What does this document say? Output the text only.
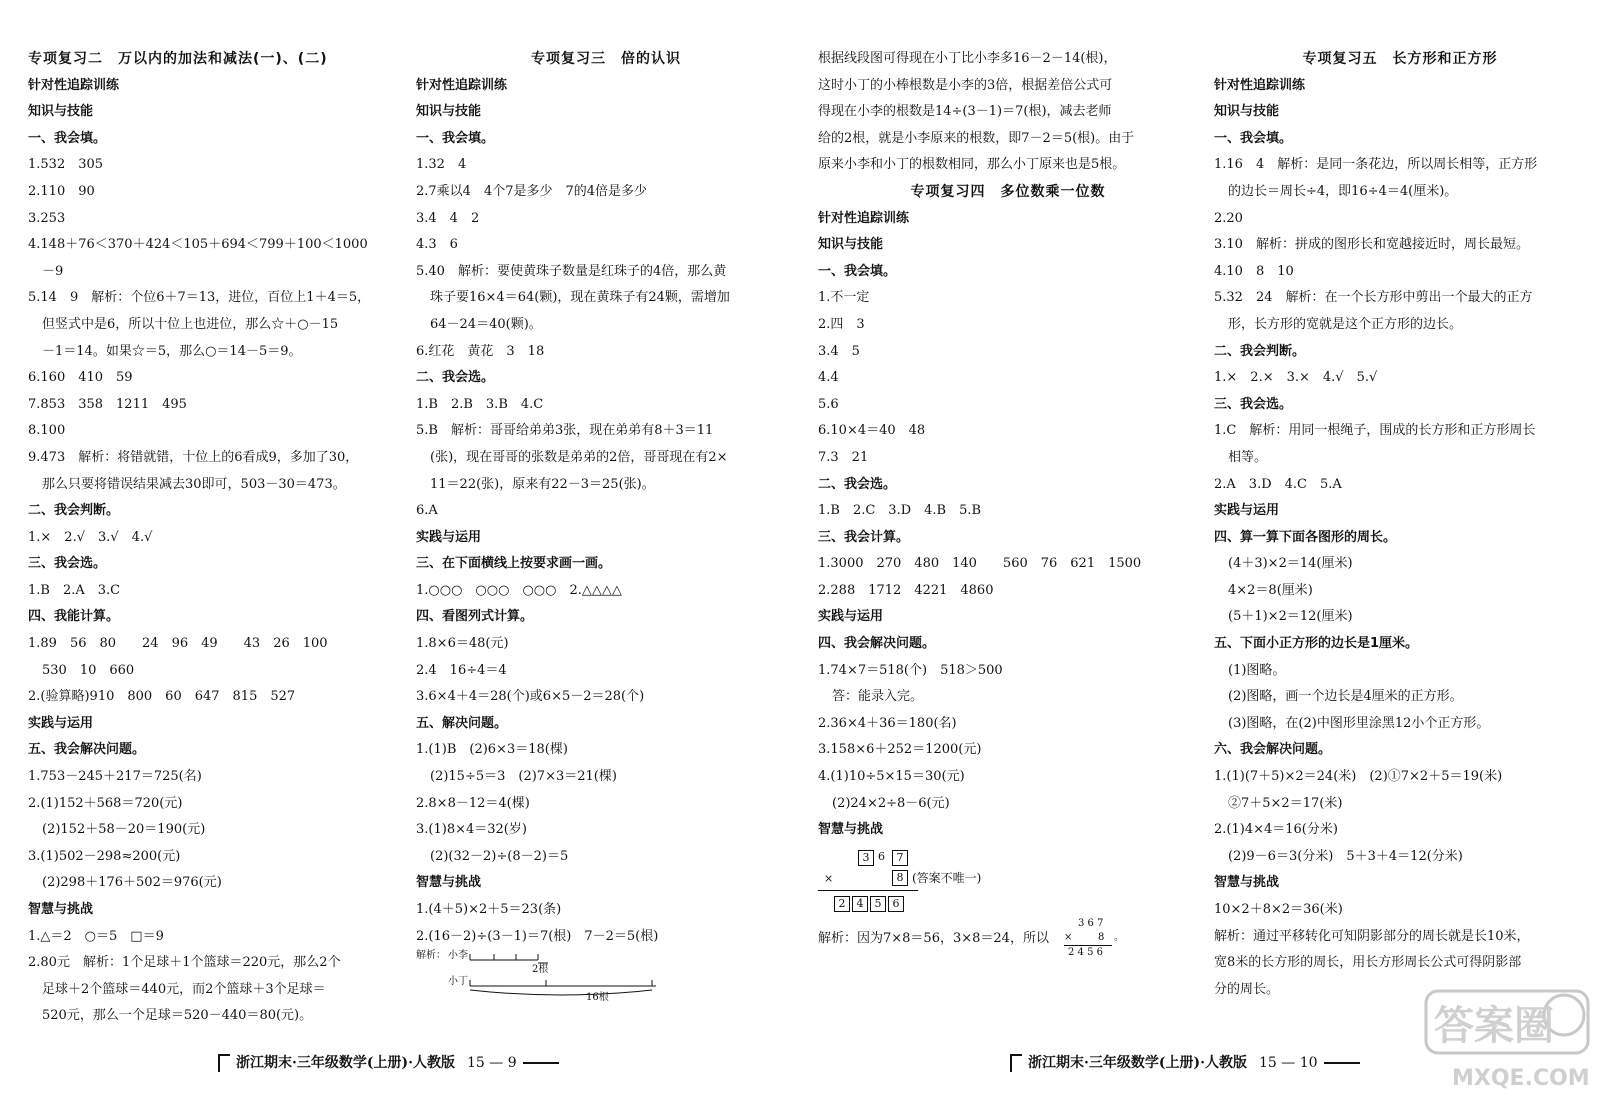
专项复习二　万以内的加法和减法(一)、(二)
针对性追踪训练
知识与技能
一、我会填。
1.532　305
2.110　90
3.253
4.148＋76＜370＋424＜105＋694＜799＋100＜1000
－9
5.14　9　解析：个位6＋7＝13，进位，百位上1＋4＝5，
但竖式中是6，所以十位上也进位，那么☆＋○－15
－1＝14。如果☆＝5，那么○＝14－5＝9。
6.160　410　59
7.853　358　1211　495
8.100
9.473　解析：将错就错，十位上的6看成9，多加了30，
那么只要将错误结果减去30即可，503－30＝473。
二、我会判断。
1.×　2.√　3.√　4.√
三、我会选。
1.B　2.A　3.C
四、我能计算。
1.89　56　80　　24　96　49　　43　26　100
530　10　660
2.(验算略)910　800　60　647　815　527
实践与运用
五、我会解决问题。
1.753－245＋217＝725(名)
2.(1)152＋568＝720(元)
(2)152＋58－20＝190(元)
3.(1)502－298≈200(元)
(2)298＋176＋502＝976(元)
智慧与挑战
1.△＝2　○＝5　□＝9
2.80元　解析：1个足球＋1个篮球＝220元，那么2个
足球＋2个篮球＝440元，而2个篮球＋3个足球＝
520元，那么一个足球＝520－440＝80(元)。
专项复习三　倍的认识
针对性追踪训练
知识与技能
一、我会填。
1.32　4
2.7乘以4　4个7是多少　7的4倍是多少
3.4　4　2
4.3　6
5.40　解析：要使黄珠子数量是红珠子的4倍，那么黄
珠子要16×4＝64(颗)，现在黄珠子有24颗，需增加
64－24＝40(颗)。
6.红花　黄花　3　18
二、我会选。
1.B　2.B　3.B　4.C
5.B　解析：哥哥给弟弟3张，现在弟弟有8＋3＝11
(张)，现在哥哥的张数是弟弟的2倍，哥哥现在有2×
11＝22(张)，原来有22－3＝25(张)。
6.A
实践与运用
三、在下面横线上按要求画一画。
1.○○○　○○○　○○○　2.△△△△
四、看图列式计算。
1.8×6＝48(元)
2.4　16÷4＝4
3.6×4＋4＝28(个)或6×5－2＝28(个)
五、解决问题。
1.(1)B　(2)6×3＝18(棵)
(2)15÷5＝3　(2)7×3＝21(棵)
2.8×8－12＝4(棵)
3.(1)8×4＝32(岁)
(2)(32－2)÷(8－2)＝5
智慧与挑战
1.(4＋5)×2＋5＝23(条)
2.(16－2)÷(3－1)＝7(根)　7－2＝5(根)
解析： 小李
2根
小丁
16根
根据线段图可得现在小丁比小李多16－2－14(根)，
这时小丁的小棒根数是小李的3倍，根据差倍公式可
得现在小李的根数是14÷(3－1)＝7(根)，减去老师
给的2根，就是小李原来的根数，即7－2＝5(根)。由于
原来小李和小丁的根数相同，那么小丁原来也是5根。
专项复习四　多位数乘一位数
针对性追踪训练
知识与技能
一、我会填。
1.不一定
2.四　3
3.4　5
4.4
5.6
6.10×4＝40　48
7.3　21
二、我会选。
1.B　2.C　3.D　4.B　5.B
三、我会计算。
1.3000　270　480　140　　560　76　621　1500
2.288　1712　4221　4860
实践与运用
四、我会解决问题。
1.74×7＝518(个)　518＞500
答：能录入完。
2.36×4＋36＝180(名)
3.158×6＋252＝1200(元)
4.(1)10÷5×15＝30(元)
(2)24×2÷8－6(元)
智慧与挑战
3 6	7
×	8 (答案不唯一)
2	4	5	6
解析：因为7×8＝56，3×8＝24，所以
3 6 7
×	8
2 4 5 6
。
专项复习五　长方形和正方形
针对性追踪训练
知识与技能
一、我会填。
1.16　4　解析：是同一条花边，所以周长相等，正方形
的边长＝周长÷4，即16÷4＝4(厘米)。
2.20
3.10　解析：拼成的图形长和宽越接近时，周长最短。
4.10　8　10
5.32　24　解析：在一个长方形中剪出一个最大的正方
形，长方形的宽就是这个正方形的边长。
二、我会判断。
1.×　2.×　3.×　4.√　5.√
三、我会选。
1.C　解析：用同一根绳子，围成的长方形和正方形周长
相等。
2.A　3.D　4.C　5.A
实践与运用
四、算一算下面各图形的周长。
(4＋3)×2＝14(厘米)
4×2＝8(厘米)
(5＋1)×2＝12(厘米)
五、下面小正方形的边长是1厘米。
(1)图略。
(2)图略，画一个边长是4厘米的正方形。
(3)图略，在(2)中图形里涂黑12小个正方形。
六、我会解决问题。
1.(1)(7＋5)×2＝24(米)　(2)①7×2＋5＝19(米)
②7＋5×2＝17(米)
2.(1)4×4＝16(分米)
(2)9－6＝3(分米)　5＋3＋4＝12(分米)
智慧与挑战
10×2＋8×2＝36(米)
解析：通过平移转化可知阴影部分的周长就是长10米，
宽8米的长方形的周长，用长方形周长公式可得阴影部
分的周长。
浙江期末·三年级数学(上册)·人教版 15 — 9	浙江期末·三年级数学(上册)·人教版 15 — 10
答案圈
MXQE.COM
